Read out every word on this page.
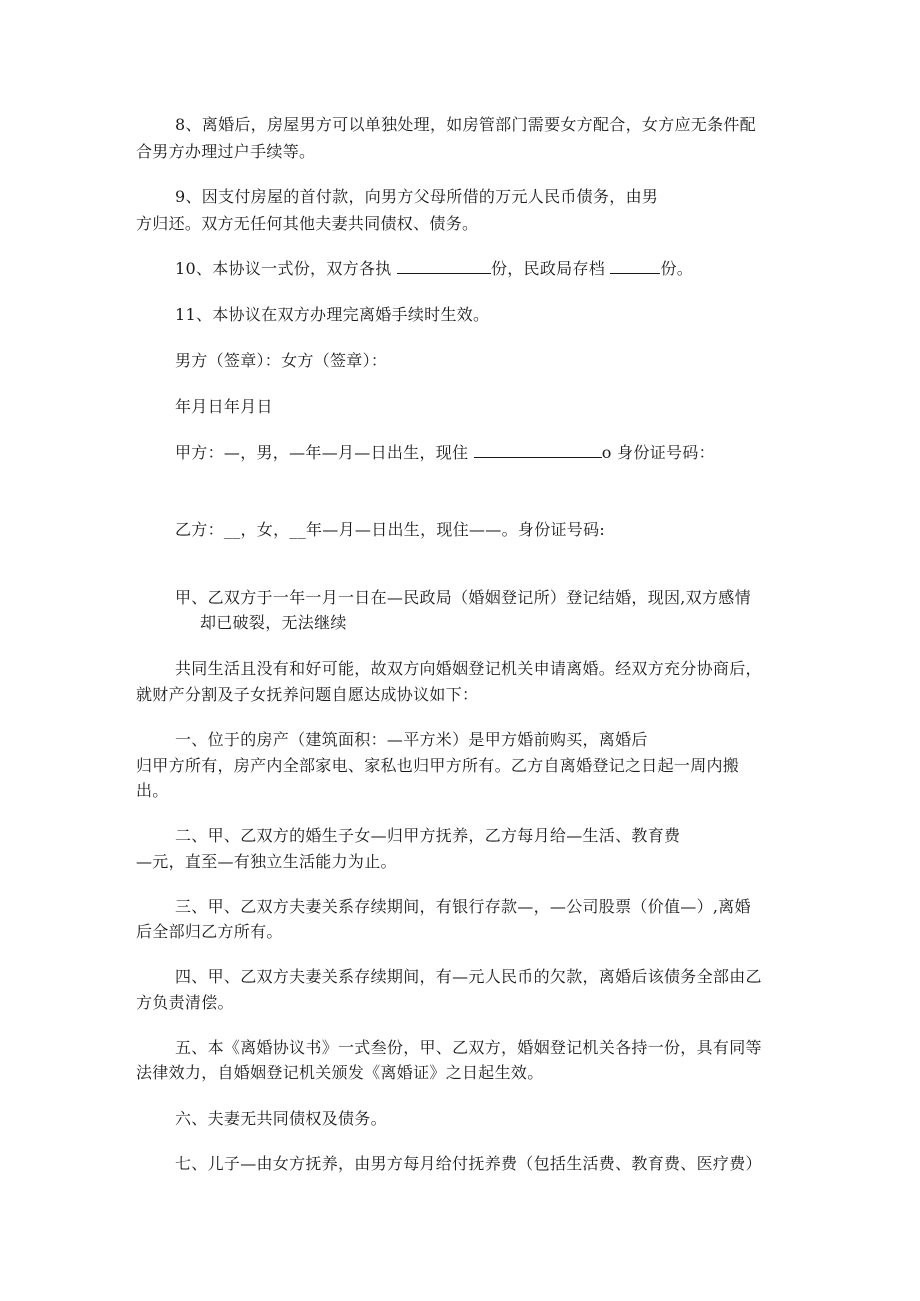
8、离婚后，房屋男方可以单独处理，如房管部门需要女方配合，女方应无条件配
合男方办理过户手续等。
9、因支付房屋的首付款，向男方父母所借的万元人民币债务，由男
方归还。双方无任何其他夫妻共同债权、债务。
10、本协议一式份，双方各执	份，民政局存档	份。
11、本协议在双方办理完离婚手续时生效。
男方（签章）：女方（签章）：
年月日年月日
甲方：—，男，—年—月—日出生，现住	o 身份证号码：
乙方：__，女，__年—月—日出生，现住——。身份证号码:
甲、乙双方于一年一月一日在—民政局（婚姻登记所）登记结婚，现因,双方感情
却已破裂，无法继续
共同生活且没有和好可能，故双方向婚姻登记机关申请离婚。经双方充分协商后，
就财产分割及子女抚养问题自愿达成协议如下：
一、位于的房产（建筑面积：—平方米）是甲方婚前购买，离婚后
归甲方所有，房产内全部家电、家私也归甲方所有。乙方自离婚登记之日起一周内搬
出。
二、甲、乙双方的婚生子女—归甲方抚养，乙方每月给—生活、教育费
—元，直至—有独立生活能力为止。
三、甲、乙双方夫妻关系存续期间，有银行存款—，—公司股票（价值—）,离婚
后全部归乙方所有。
四、甲、乙双方夫妻关系存续期间，有—元人民币的欠款，离婚后该债务全部由乙
方负责清偿。
五、本《离婚协议书》一式叁份，甲、乙双方，婚姻登记机关各持一份，具有同等
法律效力，自婚姻登记机关颁发《离婚证》之日起生效。
六、夫妻无共同债权及债务。
七、儿子—由女方抚养，由男方每月给付抚养费（包括生活费、教育费、医疗费）
